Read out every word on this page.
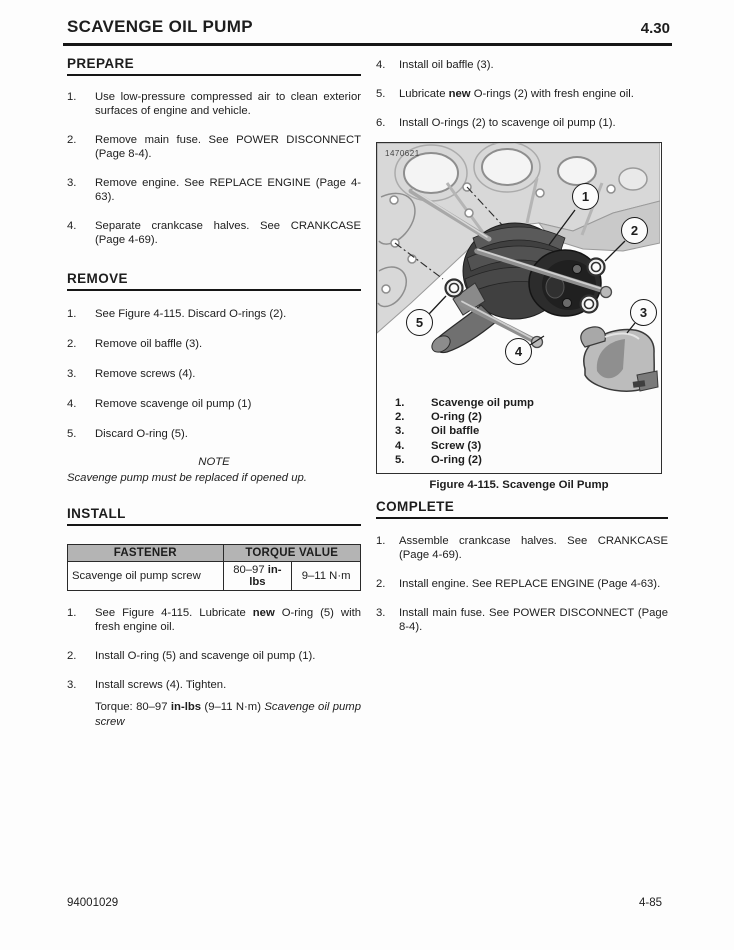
SCAVENGE OIL PUMP	4.30
PREPARE
1.	Use low-pressure compressed air to clean exterior surfaces of engine and vehicle.
2.	Remove main fuse. See POWER DISCONNECT (Page 8-4).
3.	Remove engine. See REPLACE ENGINE (Page 4-63).
4.	Separate crankcase halves. See CRANKCASE (Page 4-69).
REMOVE
1.	See Figure 4-115. Discard O-rings (2).
2.	Remove oil baffle (3).
3.	Remove screws (4).
4.	Remove scavenge oil pump (1)
5.	Discard O-ring (5).
NOTE
Scavenge pump must be replaced if opened up.
INSTALL
FASTENER	TORQUE VALUE	
Scavenge oil pump screw	80–97 in-lbs	9–11 N·m
1.	See Figure 4-115. Lubricate new O-ring (5) with fresh engine oil.
2.	Install O-ring (5) and scavenge oil pump (1).
3.	Install screws (4). Tighten.
Torque: 80–97 in-lbs (9–11 N·m) Scavenge oil pump screw
4.	Install oil baffle (3).
5.	Lubricate new O-rings (2) with fresh engine oil.
6.	Install O-rings (2) to scavenge oil pump (1).
1470621
1
2
3
4
5
1.	Scavenge oil pump
2.	O-ring (2)
3.	Oil baffle
4.	Screw (3)
5.	O-ring (2)
Figure 4-115. Scavenge Oil Pump
COMPLETE
1.	Assemble crankcase halves. See CRANKCASE (Page 4-69).
2.	Install engine. See REPLACE ENGINE (Page 4-63).
3.	Install main fuse. See POWER DISCONNECT (Page 8-4).
94001029	4-85
